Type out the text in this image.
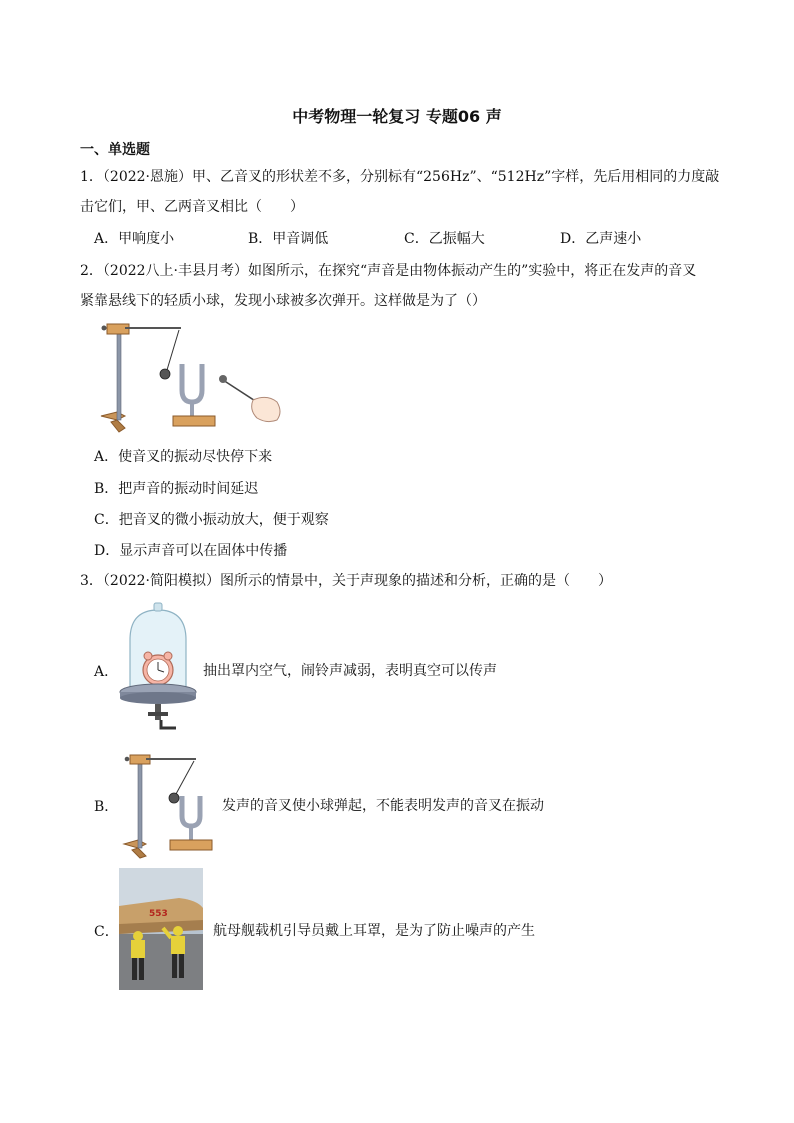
中考物理一轮复习 专题06 声
一、单选题
1．（2022·恩施）甲、乙音叉的形状差不多，分别标有“256Hz”、“512Hz”字样，先后用相同的力度敲
击它们，甲、乙两音叉相比（　　）
A．甲响度小	B．甲音调低	C．乙振幅大	D．乙声速小
2．（2022八上·丰县月考）如图所示，在探究“声音是由物体振动产生的”实验中，将正在发声的音叉
紧靠悬线下的轻质小球，发现小球被多次弹开。这样做是为了（）
A．使音叉的振动尽快停下来
B．把声音的振动时间延迟
C．把音叉的微小振动放大，便于观察
D．显示声音可以在固体中传播
3．（2022·简阳模拟）图所示的情景中，关于声现象的描述和分析，正确的是（　　）
A．	抽出罩内空气，闹铃声减弱，表明真空可以传声
B．	发声的音叉使小球弹起，不能表明发声的音叉在振动
C．
553
航母舰载机引导员戴上耳罩，是为了防止噪声的产生
